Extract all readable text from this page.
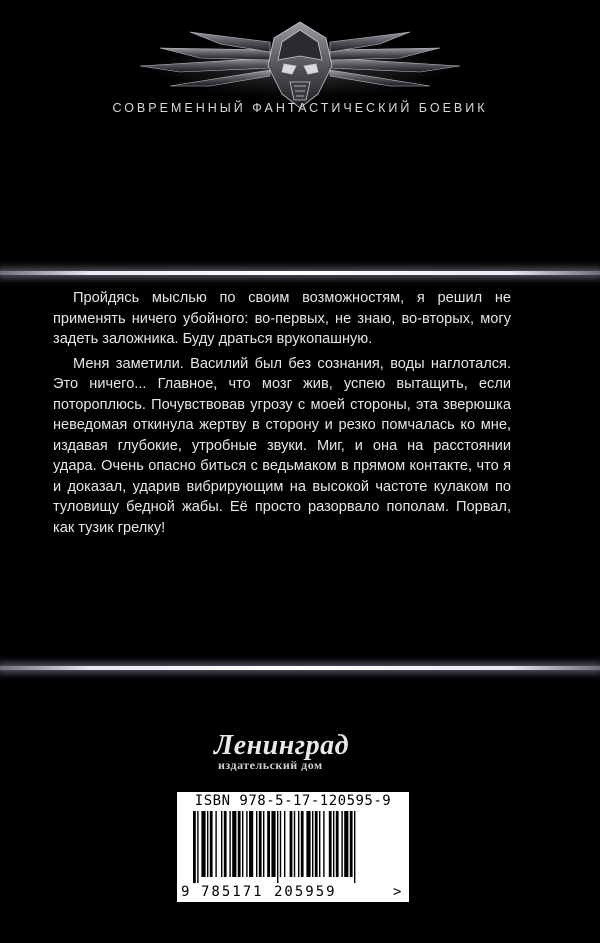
СОВРЕМЕННЫЙ ФАНТАСТИЧЕСКИЙ БОЕВИК

Пройдясь мыслью по своим возможностям, я решил не применять ничего убойного: во-первых, не знаю, во-вторых, могу задеть заложника. Буду драться врукопашную.

Меня заметили. Василий был без сознания, воды наглотался. Это ничего... Главное, что мозг жив, успею вытащить, если потороплюсь. Почувствовав угрозу с моей стороны, эта зверюшка неведомая откинула жертву в сторону и резко помчалась ко мне, издавая глубокие, утробные звуки. Миг, и она на расстоянии удара. Очень опасно биться с ведьмаком в прямом контакте, что я и доказал, ударив вибрирующим на высокой частоте кулаком по туловищу бедной жабы. Её просто разорвало пополам. Порвал, как тузик грелку!

Ленинград
издательский дом
ISBN 978-5-17-120595-9
9 785171 205959	>
